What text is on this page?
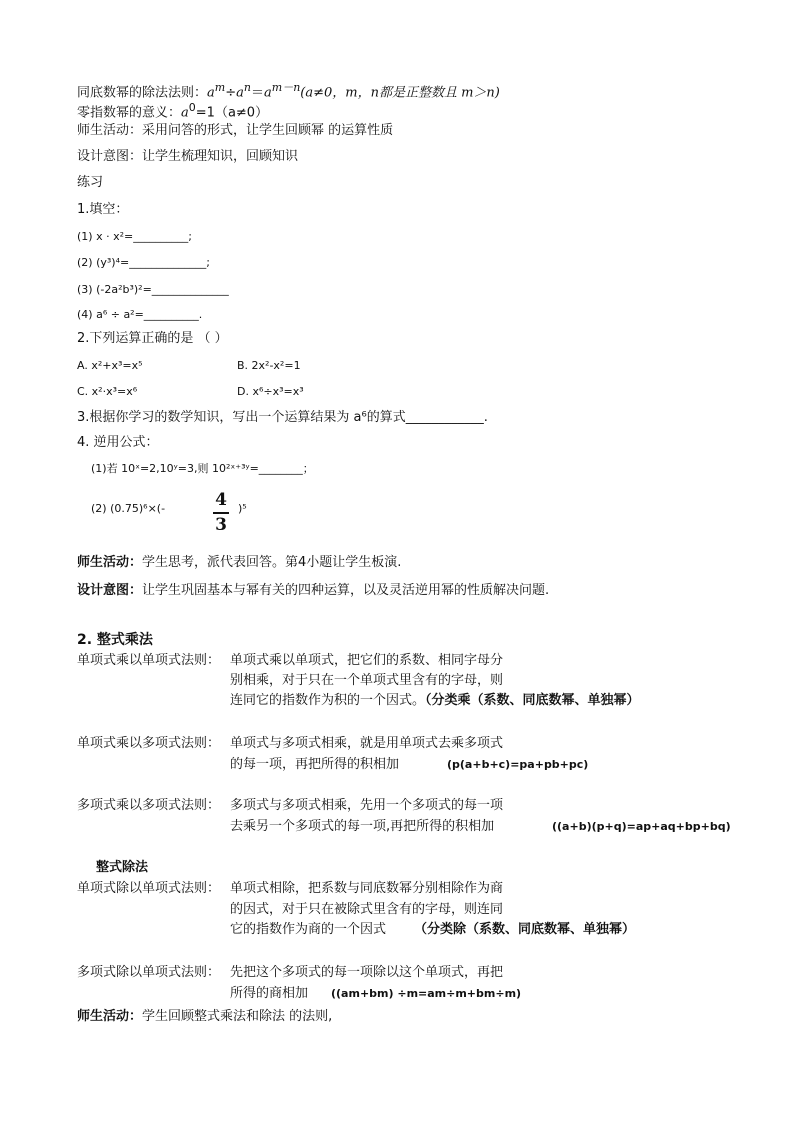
同底数幂的除法法则：$a^m\div a^n=a^{m-n}(a\ne 0$，m，n都是正整数且 m＞n)
零指数幂的意义：$a^0=1(a\ne 0)$
师生活动：采用问答的形式，让学生回顾幂 的运算性质
设计意图：让学生梳理知识，回顾知识
练习
1.填空：
(1) x · x²=__________;
(2) (y³)⁴=______________;
(3) (-2a²b³)²=______________
(4) a⁶ ÷ a²=__________.
2.下列运算正确的是 （ ）
A. x²+x³=x⁵	B. 2x²-x²=1
C. x²·x³=x⁶	D. x⁶÷x³=x³
3.根据你学习的数学知识，写出一个运算结果为 a⁶的算式____________.
4. 逆用公式：
(1)若 10ˣ=2,10ʸ=3,则 10²ˣ⁺³ʸ=________；
(2) (0.75)⁶×(-	4
3
)⁵
师生活动：学生思考，派代表回答。第4小题让学生板演.
设计意图：让学生巩固基本与幂有关的四种运算，以及灵活逆用幂的性质解决问题.
2. 整式乘法
单项式乘以单项式法则： 单项式乘以单项式，把它们的系数、相同字母分
别相乘，对于只在一个单项式里含有的字母，则
连同它的指数作为积的一个因式。（分类乘（系数、同底数幂、单独幂）
单项式乘以多项式法则： 单项式与多项式相乘，就是用单项式去乘多项式
的每一项，再把所得的积相加	(p(a+b+c)=pa+pb+pc)
多项式乘以多项式法则： 多项式与多项式相乘，先用一个多项式的每一项
去乘另一个多项式的每一项,再把所得的积相加	((a+b)(p+q)=ap+aq+bp+bq)
整式除法
单项式除以单项式法则： 单项式相除，把系数与同底数幂分别相除作为商
的因式，对于只在被除式里含有的字母，则连同
它的指数作为商的一个因式 （分类除（系数、同底数幂、单独幂）
多项式除以单项式法则： 先把这个多项式的每一项除以这个单项式，再把
所得的商相加 ((am+bm) ÷m=am÷m+bm÷m)
师生活动：学生回顾整式乘法和除法 的法则,
